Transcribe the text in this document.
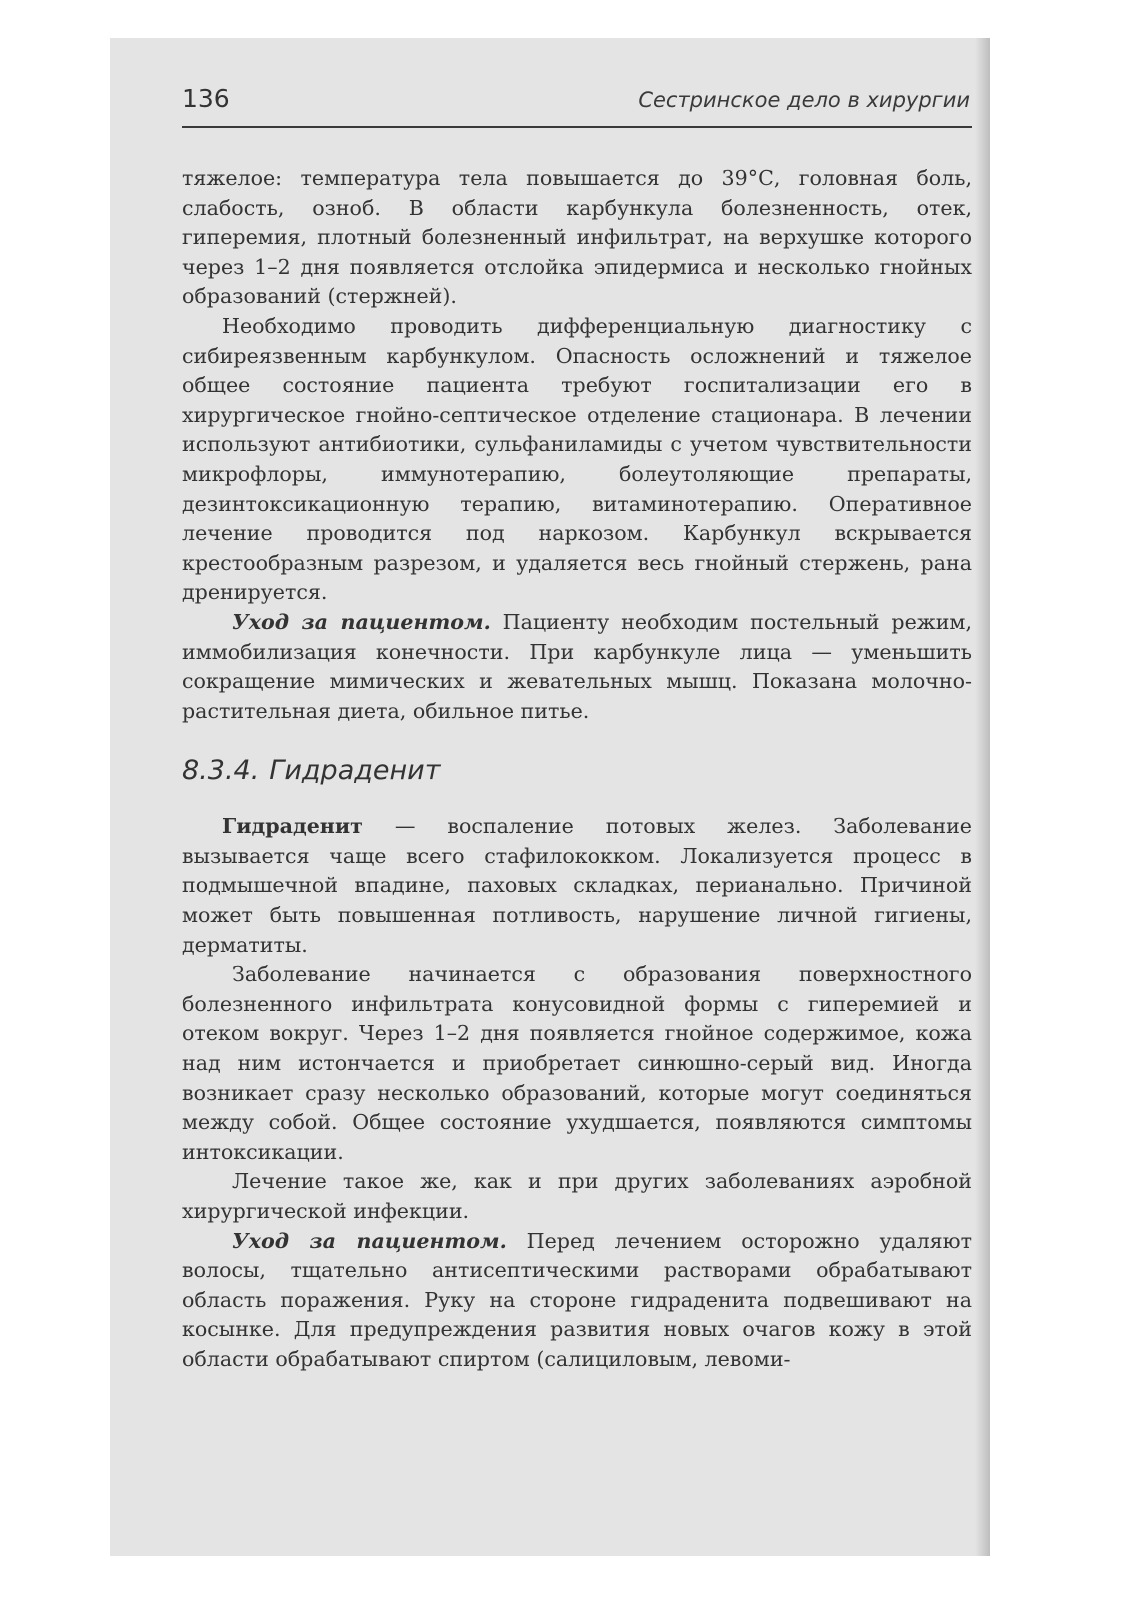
136	Сестринское дело в хирургии

тяжелое: температура тела повышается до 39°С, головная боль, слабость, озноб. В области карбункула болезненность, отек, гиперемия, плотный болезненный инфильтрат, на верхушке которого через 1–2 дня появляется отслойка эпидермиса и несколько гнойных образований (стержней).

Необходимо проводить дифференциальную диагностику с сибиреязвенным карбункулом. Опасность осложнений и тяжелое общее состояние пациента требуют госпитализации его в хирургическое гнойно-септическое отделение стационара. В лечении используют антибиотики, сульфаниламиды с учетом чувствительности микрофлоры, иммунотерапию, болеутоляющие препараты, дезинтоксикационную терапию, витаминотерапию. Оперативное лечение проводится под наркозом. Карбункул вскрывается крестообразным разрезом, и удаляется весь гнойный стержень, рана дренируется.

Уход за пациентом. Пациенту необходим постельный режим, иммобилизация конечности. При карбункуле лица — уменьшить сокращение мимических и жевательных мышц. Показана молочно-растительная диета, обильное питье.

8.3.4. Гидраденит

Гидраденит — воспаление потовых желез. Заболевание вызывается чаще всего стафилококком. Локализуется процесс в подмышечной впадине, паховых складках, перианально. Причиной может быть повышенная потливость, нарушение личной гигиены, дерматиты.

Заболевание начинается с образования поверхностного болезненного инфильтрата конусовидной формы с гиперемией и отеком вокруг. Через 1–2 дня появляется гнойное содержимое, кожа над ним истончается и приобретает синюшно-серый вид. Иногда возникает сразу несколько образований, которые могут соединяться между собой. Общее состояние ухудшается, появляются симптомы интоксикации.

Лечение такое же, как и при других заболеваниях аэробной хирургической инфекции.

Уход за пациентом. Перед лечением осторожно удаляют волосы, тщательно антисептическими растворами обрабатывают область поражения. Руку на стороне гидраденита подвешивают на косынке. Для предупреждения развития новых очагов кожу в этой области обрабатывают спиртом (салициловым, левоми-
